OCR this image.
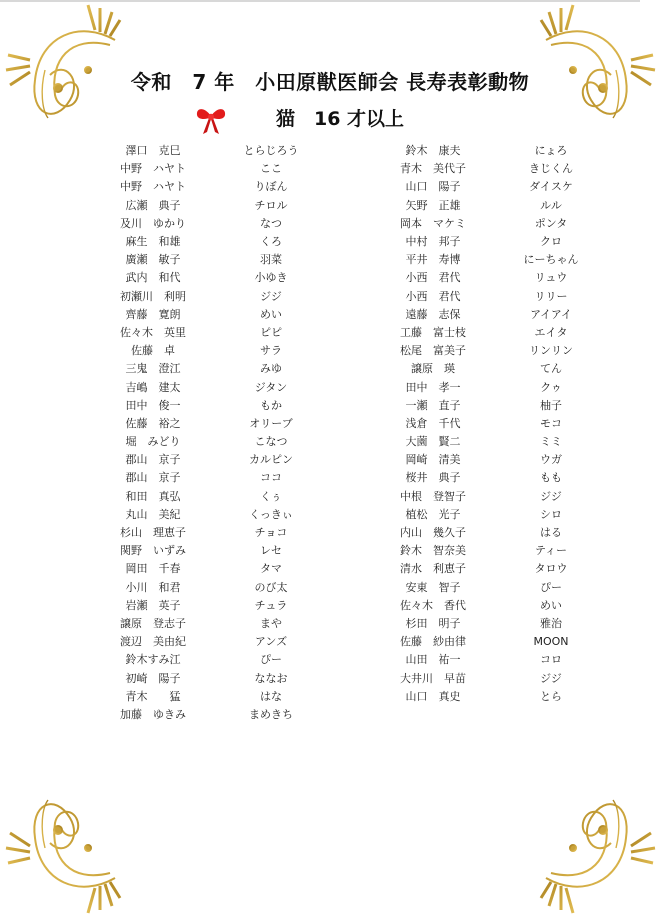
令和　7 年　小田原獣医師会 長寿表彰動物
猫　16 才以上
澤口　克巳	とらじろう
中野　ハヤト	ここ
中野　ハヤト	りぼん
広瀬　典子	チロル
及川　ゆかり	なつ
麻生　和雄	くろ
廣瀬　敏子	羽菜
武内　和代	小ゆき
初瀬川　利明	ジジ
齊藤　寛朗	めい
佐々木　英里	ピピ
佐藤　卓	サラ
三鬼　澄江	みゆ
吉嶋　建太	ジタン
田中　俊一	もか
佐藤　裕之	オリーブ
堀　みどり	こなつ
郡山　京子	カルピン
郡山　京子	ココ
和田　真弘	くぅ
丸山　美紀	くっきぃ
杉山　理恵子	チョコ
関野　いずみ	レセ
岡田　千春	タマ
小川　和君	のび太
岩瀬　英子	チュラ
譲原　登志子	まや
渡辺　美由紀	アンズ
鈴木すみ江	ぴー
初崎　陽子	ななお
青木　　猛	はな
加藤　ゆきみ	まめきち
鈴木　康夫	にょろ
青木　美代子	きじくん
山口　陽子	ダイスケ
矢野　正雄	ルル
岡本　マケミ	ポンタ
中村　邦子	クロ
平井　寿博	にーちゃん
小西　君代	リュウ
小西　君代	リリー
遠藤　志保	アイアイ
工藤　富士枝	エイタ
松尾　富美子	リンリン
譲原　瑛	てん
田中　孝一	クゥ
一瀬　直子	柚子
浅倉　千代	モコ
大薗　賢二	ミミ
岡崎　清美	ウガ
桜井　典子	もも
中根　登智子	ジジ
植松　光子	シロ
内山　幾久子	はる
鈴木　智奈美	ティー
清水　利恵子	タロウ
安東　智子	ぴー
佐々木　香代	めい
杉田　明子	雅治
佐藤　紗由律	MOON
山田　祐一	コロ
大井川　早苗	ジジ
山口　真史	とら
